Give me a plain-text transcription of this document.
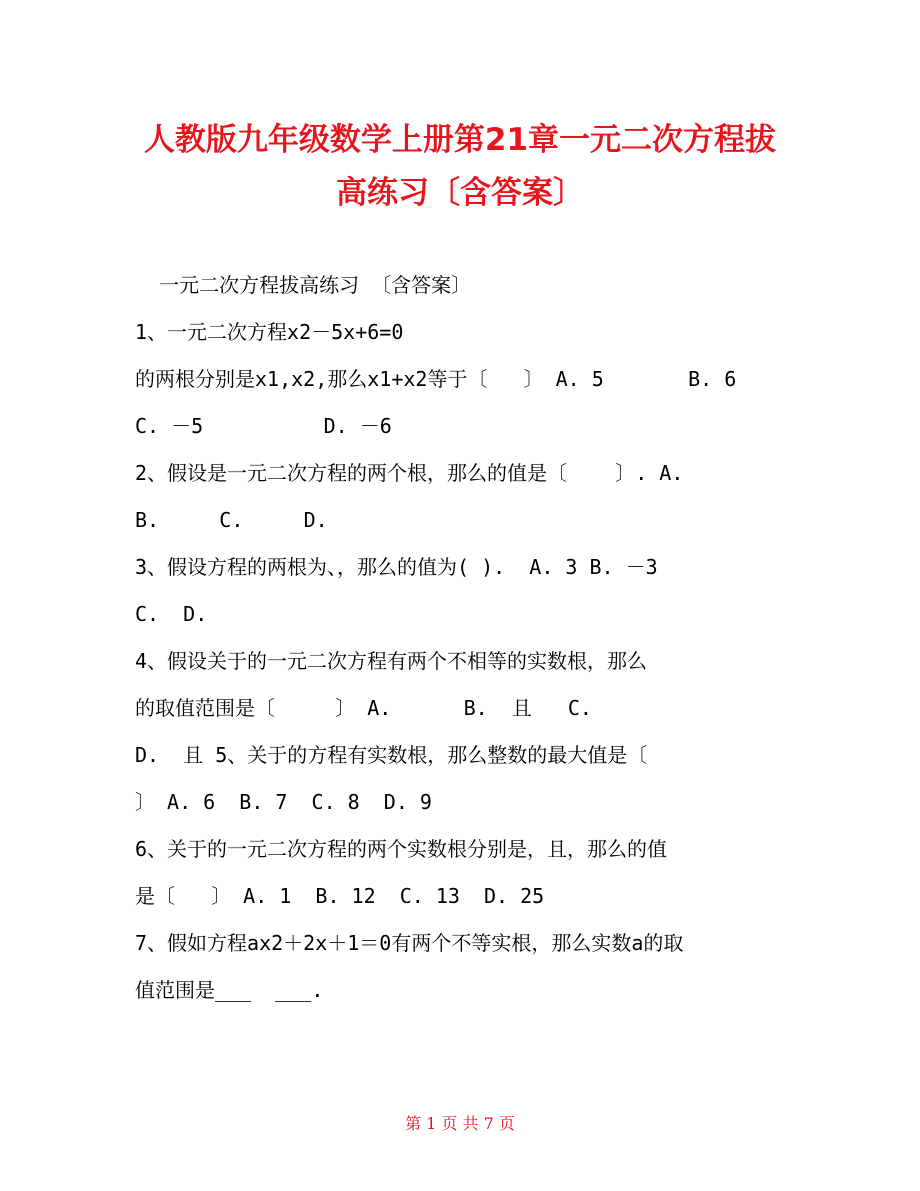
人教版九年级数学上册第21章一元二次方程拔
高练习〔含答案〕
一元二次方程拔高练习 〔含答案〕
1、一元二次方程x2－5x+6=0
的两根分别是x1,x2,那么x1+x2等于〔   〕 A. 5       B. 6
C. －5          D. －6
2、假设是一元二次方程的两个根，那么的值是〔    〕. A.
B.     C.     D.
3、假设方程的两根为、，那么的值为( ).  A. 3 B. －3
C.  D.
4、假设关于的一元二次方程有两个不相等的实数根，那么
的取值范围是〔     〕 A.      B.  且   C.
D.  且 5、关于的方程有实数根，那么整数的最大值是〔
〕 A. 6  B. 7  C. 8  D. 9
6、关于的一元二次方程的两个实数根分别是，且，那么的值
是〔   〕 A. 1  B. 12  C. 13  D. 25
7、假如方程ax2＋2x＋1＝0有两个不等实根，那么实数a的取
值范围是___  ___.
第 1 页 共 7 页
